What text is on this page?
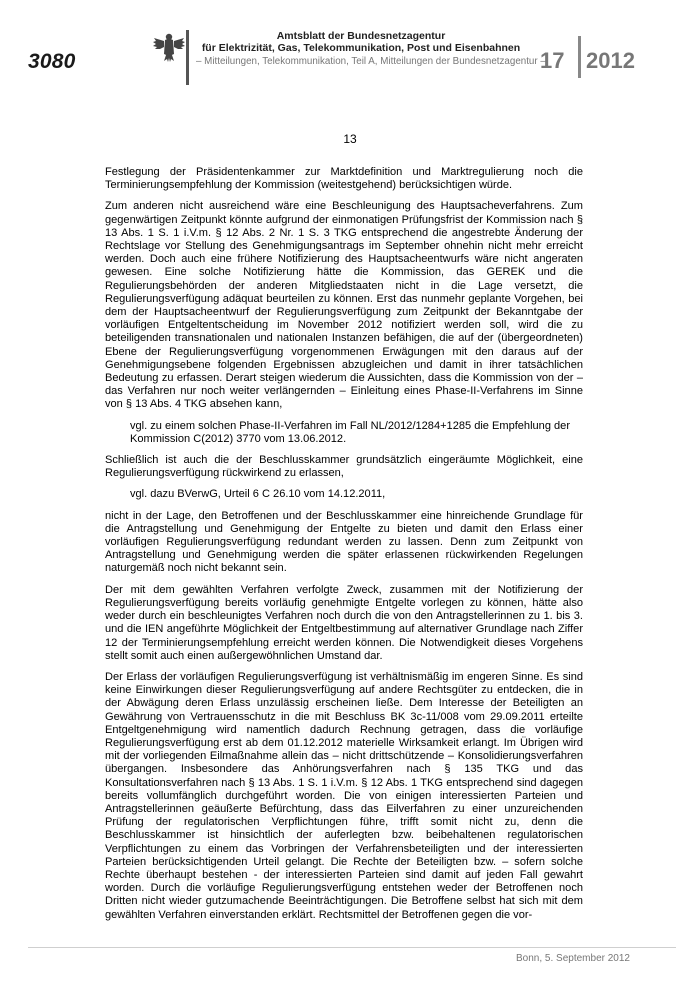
3080
Amtsblatt der Bundesnetzagentur
für Elektrizität, Gas, Telekommunikation, Post und Eisenbahnen
– Mitteilungen, Telekommunikation, Teil A, Mitteilungen der Bundesnetzagentur –
17 2012
13

Festlegung der Präsidentenkammer zur Marktdefinition und Marktregulierung noch die Terminierungsempfehlung der Kommission (weitestgehend) berücksichtigen würde.

Zum anderen nicht ausreichend wäre eine Beschleunigung des Hauptsacheverfahrens. Zum gegenwärtigen Zeitpunkt könnte aufgrund der einmonatigen Prüfungsfrist der Kommission nach § 13 Abs. 1 S. 1 i.V.m. § 12 Abs. 2 Nr. 1 S. 3 TKG entsprechend die angestrebte Änderung der Rechtslage vor Stellung des Genehmigungsantrags im September ohnehin nicht mehr erreicht werden. Doch auch eine frühere Notifizierung des Hauptsacheentwurfs wäre nicht angeraten gewesen. Eine solche Notifizierung hätte die Kommission, das GEREK und die Regulierungsbehörden der anderen Mitgliedstaaten nicht in die Lage versetzt, die Regulierungsverfügung adäquat beurteilen zu können. Erst das nunmehr geplante Vorgehen, bei dem der Hauptsacheentwurf der Regulierungsverfügung zum Zeitpunkt der Bekanntgabe der vorläufigen Entgeltentscheidung im November 2012 notifiziert werden soll, wird die zu beteiligenden transnationalen und nationalen Instanzen befähigen, die auf der (übergeordneten) Ebene der Regulierungsverfügung vorgenommenen Erwägungen mit den daraus auf der Genehmigungsebene folgenden Ergebnissen abzugleichen und damit in ihrer tatsächlichen Bedeutung zu erfassen. Derart steigen wiederum die Aussichten, dass die Kommission von der – das Verfahren nur noch weiter verlängernden – Einleitung eines Phase-II-Verfahrens im Sinne von § 13 Abs. 4 TKG absehen kann,

vgl. zu einem solchen Phase-II-Verfahren im Fall NL/2012/1284+1285 die Empfehlung der Kommission C(2012) 3770 vom 13.06.2012.

Schließlich ist auch die der Beschlusskammer grundsätzlich eingeräumte Möglichkeit, eine Regulierungsverfügung rückwirkend zu erlassen,

vgl. dazu BVerwG, Urteil 6 C 26.10 vom 14.12.2011,

nicht in der Lage, den Betroffenen und der Beschlusskammer eine hinreichende Grundlage für die Antragstellung und Genehmigung der Entgelte zu bieten und damit den Erlass einer vorläufigen Regulierungsverfügung redundant werden zu lassen. Denn zum Zeitpunkt von Antragstellung und Genehmigung werden die später erlassenen rückwirkenden Regelungen naturgemäß noch nicht bekannt sein.

Der mit dem gewählten Verfahren verfolgte Zweck, zusammen mit der Notifizierung der Regulierungsverfügung bereits vorläufig genehmigte Entgelte vorlegen zu können, hätte also weder durch ein beschleunigtes Verfahren noch durch die von den Antragstellerinnen zu 1. bis 3. und die IEN angeführte Möglichkeit der Entgeltbestimmung auf alternativer Grundlage nach Ziffer 12 der Terminierungsempfehlung erreicht werden können. Die Notwendigkeit dieses Vorgehens stellt somit auch einen außergewöhnlichen Umstand dar.

Der Erlass der vorläufigen Regulierungsverfügung ist verhältnismäßig im engeren Sinne. Es sind keine Einwirkungen dieser Regulierungsverfügung auf andere Rechtsgüter zu entdecken, die in der Abwägung deren Erlass unzulässig erscheinen ließe. Dem Interesse der Beteiligten an Gewährung von Vertrauensschutz in die mit Beschluss BK 3c-11/008 vom 29.09.2011 erteilte Entgeltgenehmigung wird namentlich dadurch Rechnung getragen, dass die vorläufige Regulierungsverfügung erst ab dem 01.12.2012 materielle Wirksamkeit erlangt. Im Übrigen wird mit der vorliegenden Eilmaßnahme allein das – nicht drittschützende – Konsolidierungsverfahren übergangen. Insbesondere das Anhörungsverfahren nach § 135 TKG und das Konsultationsverfahren nach § 13 Abs. 1 S. 1 i.V.m. § 12 Abs. 1 TKG entsprechend sind dagegen bereits vollumfänglich durchgeführt worden. Die von einigen interessierten Parteien und Antragstellerinnen geäußerte Befürchtung, dass das Eilverfahren zu einer unzureichenden Prüfung der regulatorischen Verpflichtungen führe, trifft somit nicht zu, denn die Beschlusskammer ist hinsichtlich der auferlegten bzw. beibehaltenen regulatorischen Verpflichtungen zu einem das Vorbringen der Verfahrensbeteiligten und der interessierten Parteien berücksichtigenden Urteil gelangt. Die Rechte der Beteiligten bzw. – sofern solche Rechte überhaupt bestehen - der interessierten Parteien sind damit auf jeden Fall gewahrt worden. Durch die vorläufige Regulierungsverfügung entstehen weder der Betroffenen noch Dritten nicht wieder gutzumachende Beeinträchtigungen. Die Betroffene selbst hat sich mit dem gewählten Verfahren einverstanden erklärt. Rechtsmittel der Betroffenen gegen die vor-

Bonn, 5. September 2012
